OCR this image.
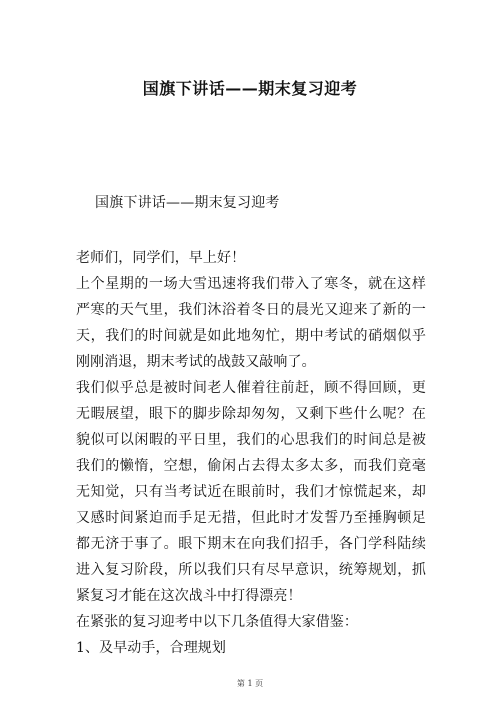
国旗下讲话——期末复习迎考
国旗下讲话——期末复习迎考

老师们，同学们，早上好！

上个星期的一场大雪迅速将我们带入了寒冬，就在这样严寒的天气里，我们沐浴着冬日的晨光又迎来了新的一天，我们的时间就是如此地匆忙，期中考试的硝烟似乎刚刚消退，期末考试的战鼓又敲响了。

我们似乎总是被时间老人催着往前赶，顾不得回顾，更无暇展望，眼下的脚步除却匆匆，又剩下些什么呢？在貌似可以闲暇的平日里，我们的心思我们的时间总是被我们的懒惰，空想，偷闲占去得太多太多，而我们竟毫无知觉，只有当考试近在眼前时，我们才惊慌起来，却又感时间紧迫而手足无措，但此时才发誓乃至捶胸顿足都无济于事了。眼下期末在向我们招手，各门学科陆续进入复习阶段，所以我们只有尽早意识，统筹规划，抓紧复习才能在这次战斗中打得漂亮！

在紧张的复习迎考中以下几条值得大家借鉴：

1、及早动手，合理规划

第 1 页
